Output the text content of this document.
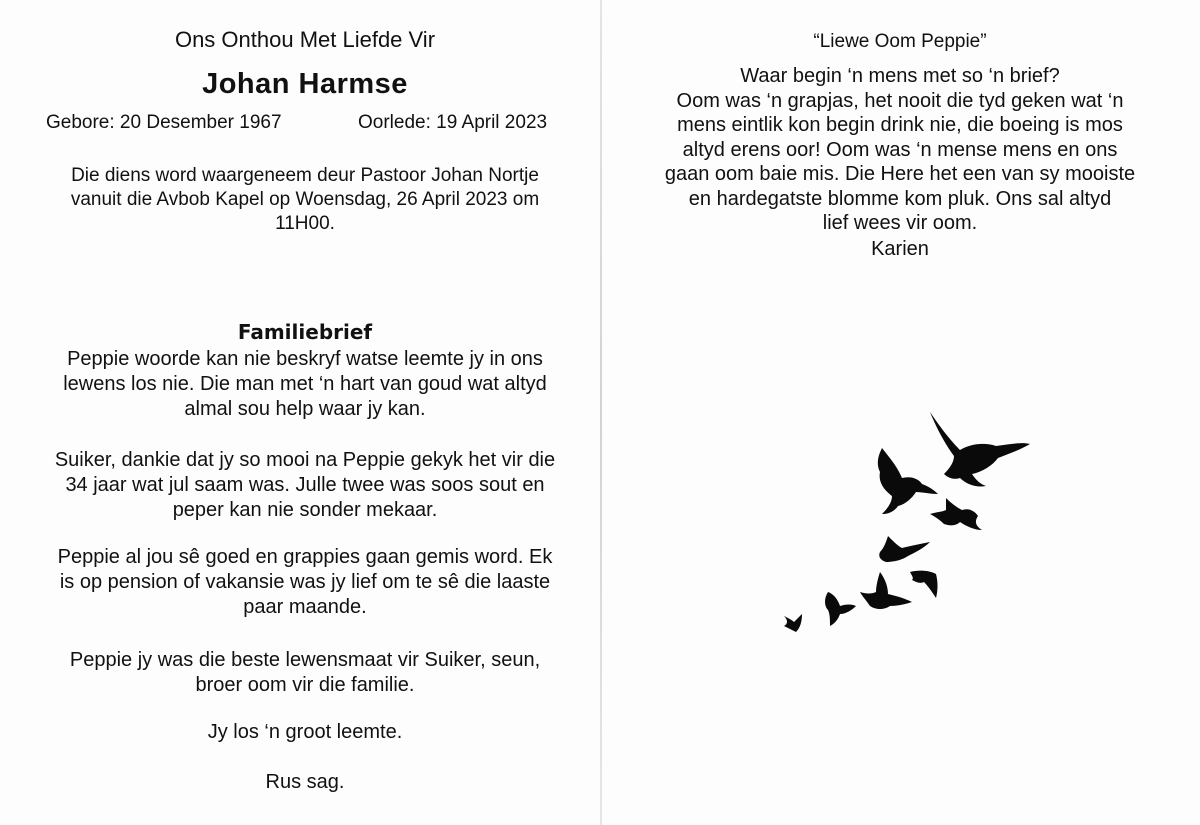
Ons Onthou Met Liefde Vir
Johan Harmse
Gebore: 20 Desember 1967	Oorlede: 19 April 2023
Die diens word waargeneem deur Pastoor Johan Nortje
vanuit die Avbob Kapel op Woensdag, 26 April 2023 om
11H00.
Familiebrief
Peppie woorde kan nie beskryf watse leemte jy in ons
lewens los nie. Die man met ‘n hart van goud wat altyd
almal sou help waar jy kan.
Suiker, dankie dat jy so mooi na Peppie gekyk het vir die
34 jaar wat jul saam was. Julle twee was soos sout en
peper kan nie sonder mekaar.
Peppie al jou sê goed en grappies gaan gemis word. Ek
is op pension of vakansie was jy lief om te sê die laaste
paar maande.
Peppie jy was die beste lewensmaat vir Suiker, seun,
broer oom vir die familie.
Jy los ‘n groot leemte.
Rus sag.
“Liewe Oom Peppie”
Waar begin ‘n mens met so ‘n brief?
Oom was ‘n grapjas, het nooit die tyd geken wat ‘n
mens eintlik kon begin drink nie, die boeing is mos
altyd erens oor! Oom was ‘n mense mens en ons
gaan oom baie mis. Die Here het een van sy mooiste
en hardegatste blomme kom pluk. Ons sal altyd
lief wees vir oom.
Karien
